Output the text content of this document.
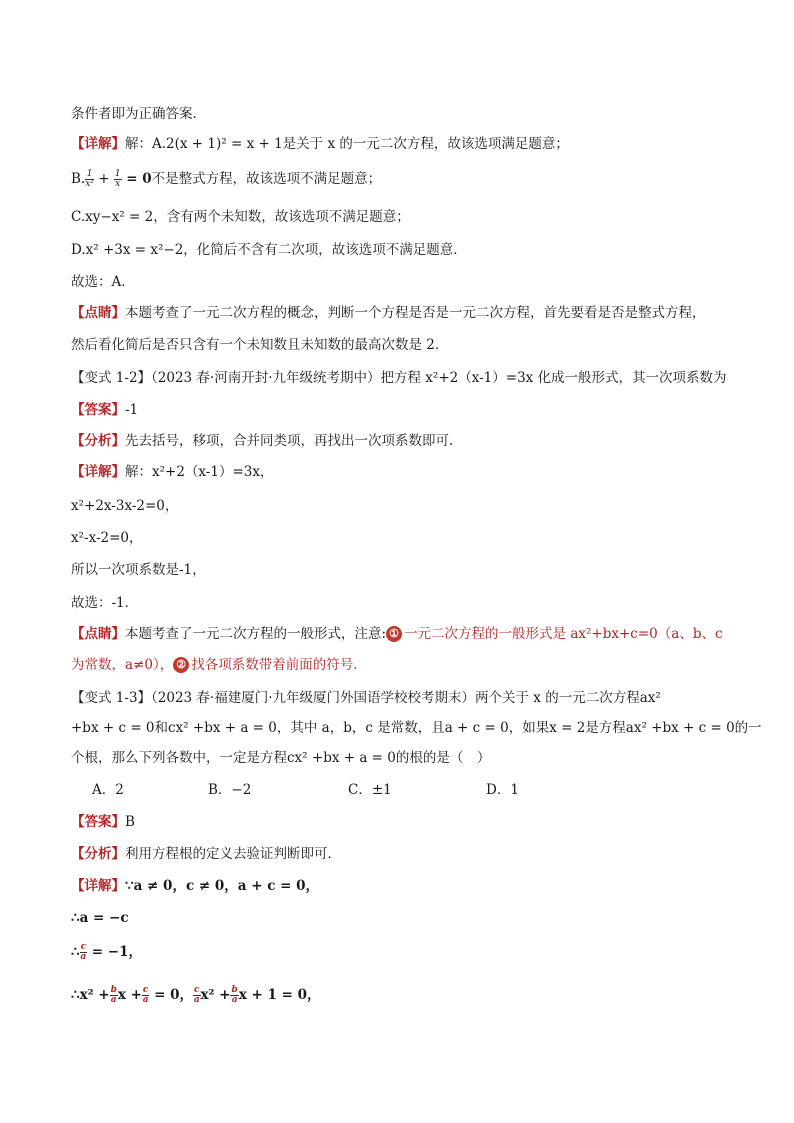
条件者即为正确答案．
【详解】解：A.2(x + 1)² = x + 1是关于 x 的一元二次方程，故该选项满足题意；
B. $\frac{1}{\text{x²}} + \frac{1}{x} = 0$不是整式方程，故该选项不满足题意；
C.xy−x² = 2，含有两个未知数，故该选项不满足题意；
D.x² +3x = x²−2，化简后不含有二次项，故该选项不满足题意．
故选：A．
【点睛】本题考查了一元二次方程的概念，判断一个方程是否是一元二次方程，首先要看是否是整式方程，
然后看化简后是否只含有一个未知数且未知数的最高次数是 2．
【变式 1-2】（2023 春·河南开封·九年级统考期中）把方程 x²+2（x-1）=3x 化成一般形式，其一次项系数为
【答案】-1
【分析】先去括号，移项，合并同类项，再找出一次项系数即可．
【详解】解：x²+2（x-1）=3x，
x²+2x-3x-2=0，
x²-x-2=0，
所以一次项系数是-1，
故选：-1．
【点睛】本题考查了一元二次方程的一般形式，注意: ① 一元二次方程的一般形式是 ax²+bx+c=0（a、b、c
为常数，a≠0）， ② 找各项系数带着前面的符号．
【变式 1-3】（2023 春·福建厦门·九年级厦门外国语学校校考期末）两个关于 x 的一元二次方程ax²
+bx + c = 0和cx² +bx + a = 0，其中 a，b，c 是常数，且a + c = 0，如果x = 2是方程ax² +bx + c = 0的一
个根，那么下列各数中，一定是方程cx² +bx + a = 0的根的是（　）
A．2	B．−2	C．±1	D．1
【答案】B
【分析】利用方程根的定义去验证判断即可．
【详解】∵a ≠ 0，c ≠ 0，a + c = 0，
∴a = −c
∴ $\frac{c}{a} = -1$，
∴x² + $\frac{b}{a}$ $x + \frac{c}{a} = 0$， $\frac{c}{a} x^2 + \frac{b}{a}$ x + 1 = 0，
